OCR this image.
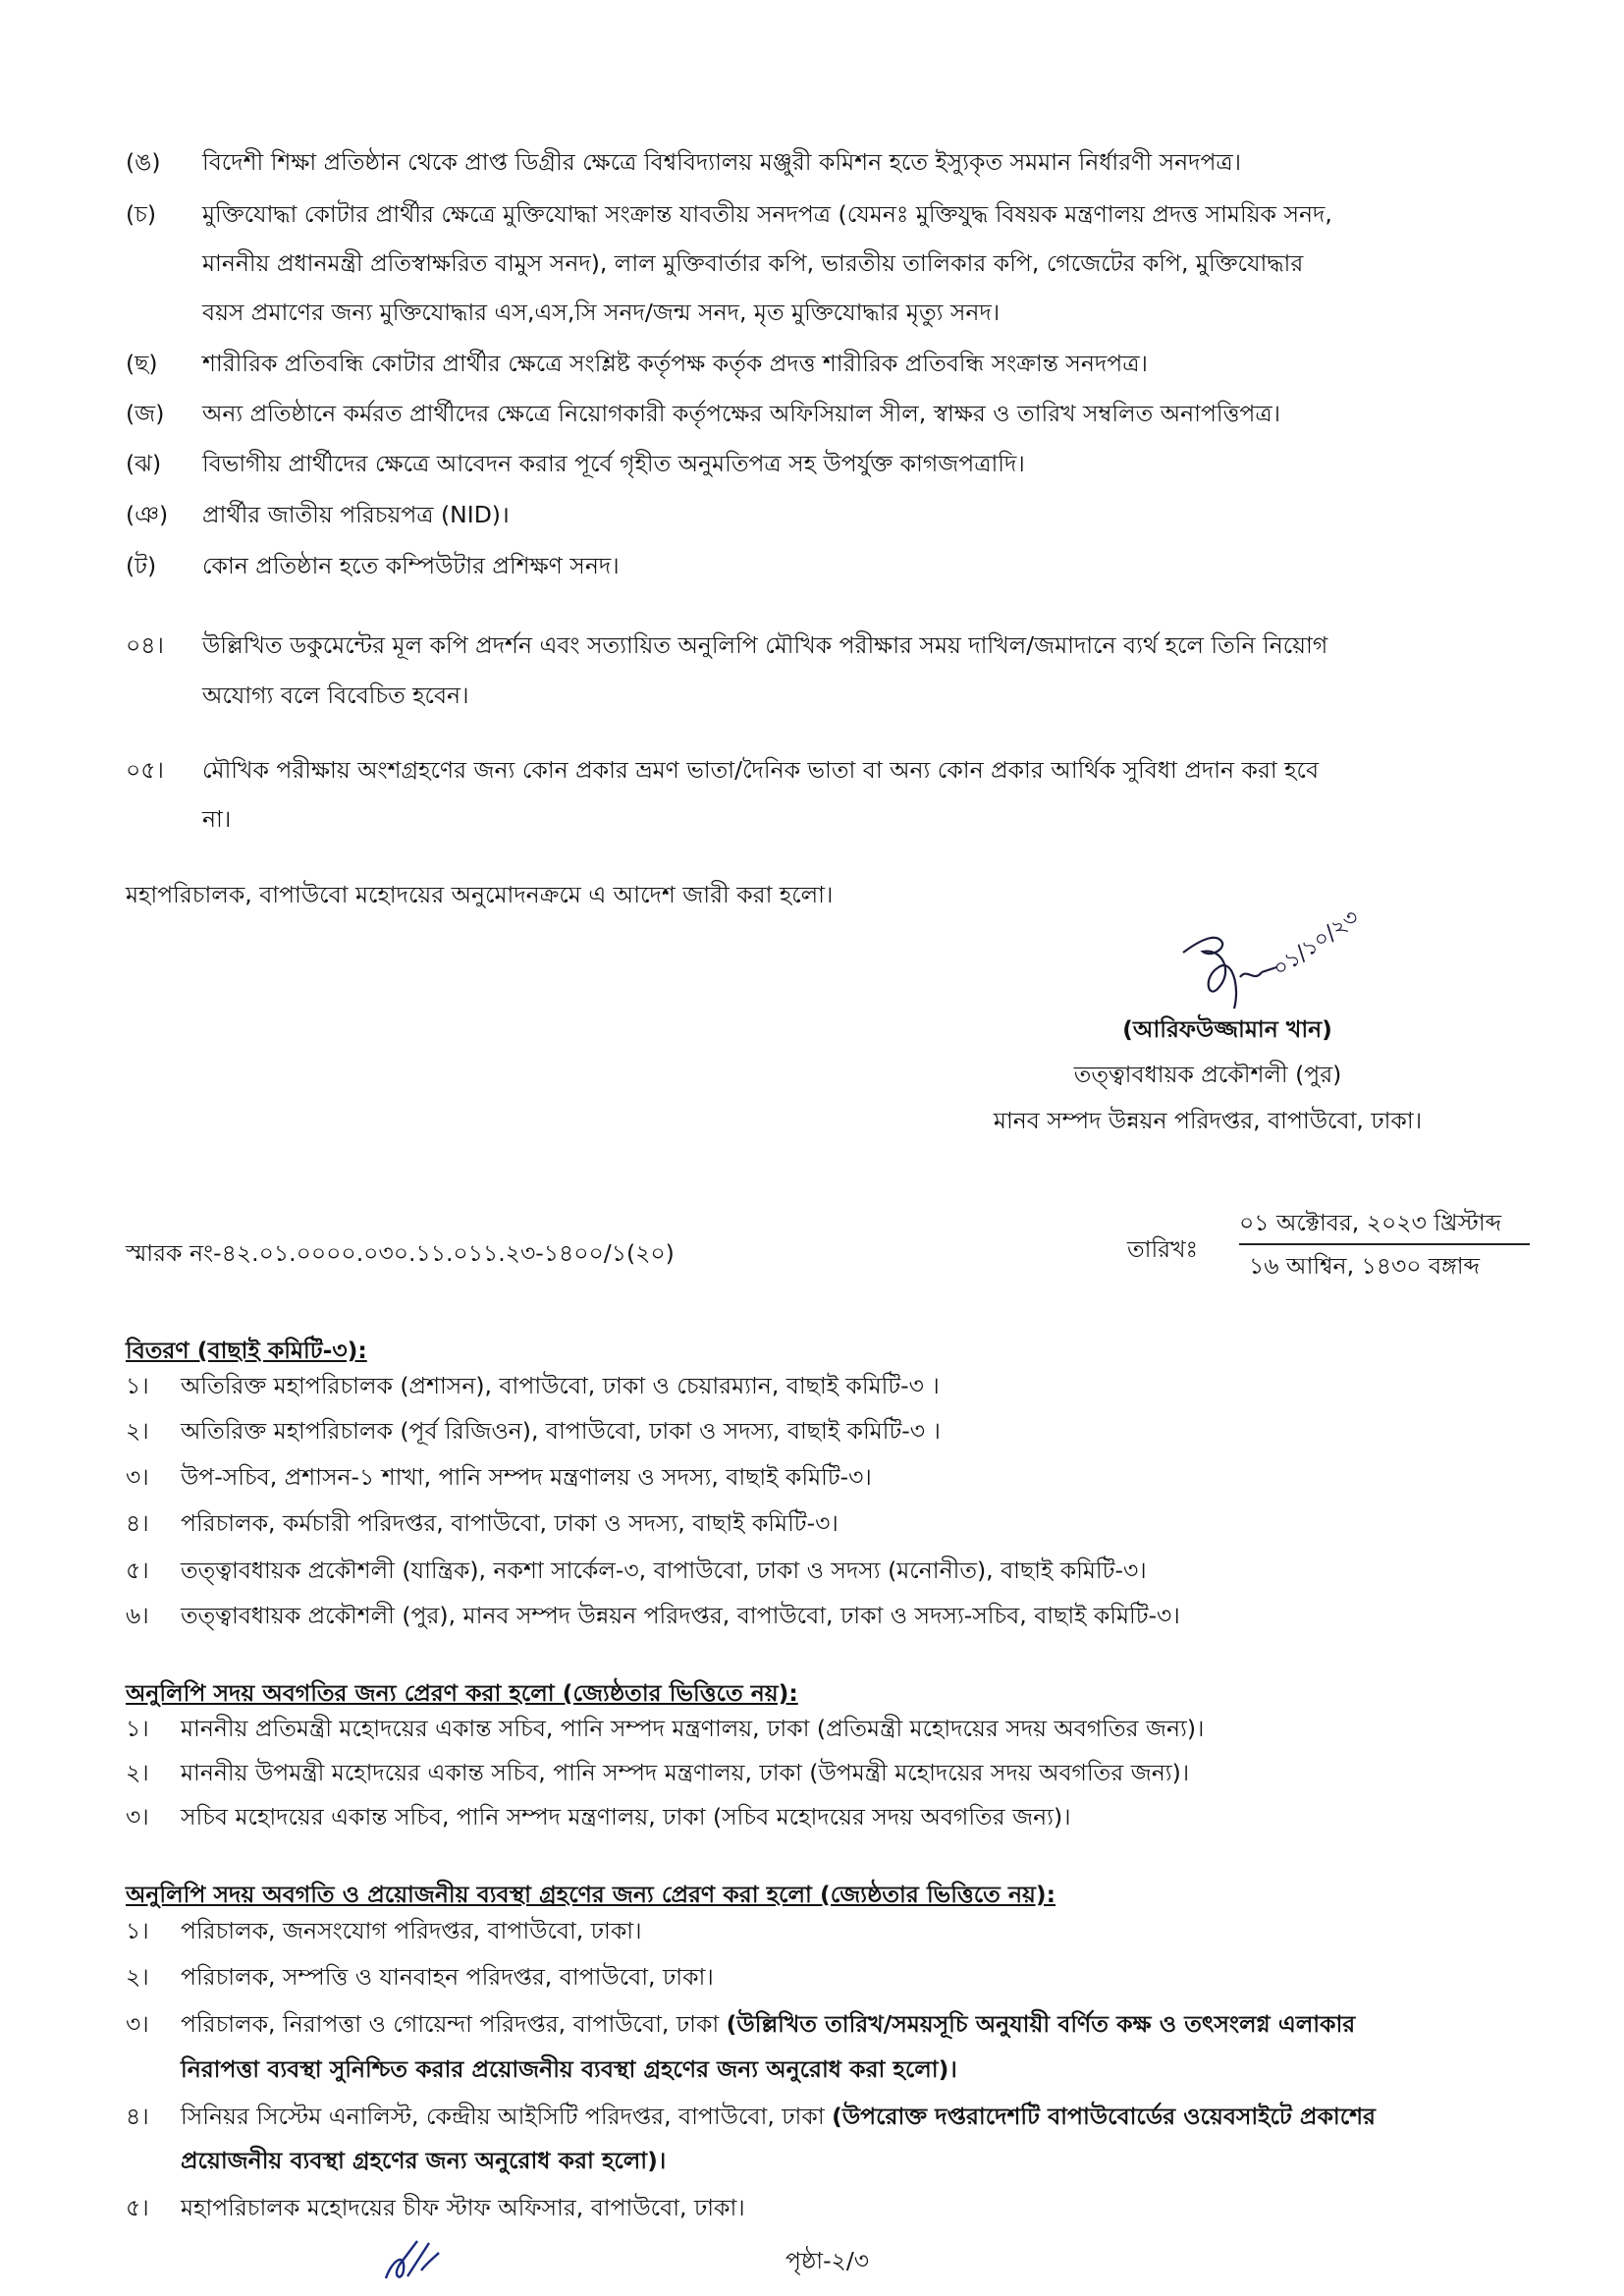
(ঙ) বিদেশী শিক্ষা প্রতিষ্ঠান থেকে প্রাপ্ত ডিগ্রীর ক্ষেত্রে বিশ্ববিদ্যালয় মঞ্জুরী কমিশন হতে ইস্যুকৃত সমমান নির্ধারণী সনদপত্র।
(চ) মুক্তিযোদ্ধা কোটার প্রার্থীর ক্ষেত্রে মুক্তিযোদ্ধা সংক্রান্ত যাবতীয় সনদপত্র (যেমনঃ মুক্তিযুদ্ধ বিষয়ক মন্ত্রণালয় প্রদত্ত সাময়িক সনদ,
মাননীয় প্রধানমন্ত্রী প্রতিস্বাক্ষরিত বামুস সনদ), লাল মুক্তিবার্তার কপি, ভারতীয় তালিকার কপি, গেজেটের কপি, মুক্তিযোদ্ধার
বয়স প্রমাণের জন্য মুক্তিযোদ্ধার এস,এস,সি সনদ/জন্ম সনদ, মৃত মুক্তিযোদ্ধার মৃত্যু সনদ।
(ছ) শারীরিক প্রতিবন্ধি কোটার প্রার্থীর ক্ষেত্রে সংশ্লিষ্ট কর্তৃপক্ষ কর্তৃক প্রদত্ত শারীরিক প্রতিবন্ধি সংক্রান্ত সনদপত্র।
(জ) অন্য প্রতিষ্ঠানে কর্মরত প্রার্থীদের ক্ষেত্রে নিয়োগকারী কর্তৃপক্ষের অফিসিয়াল সীল, স্বাক্ষর ও তারিখ সম্বলিত অনাপত্তিপত্র।
(ঝ) বিভাগীয় প্রার্থীদের ক্ষেত্রে আবেদন করার পূর্বে গৃহীত অনুমতিপত্র সহ উপর্যুক্ত কাগজপত্রাদি।
(ঞ) প্রার্থীর জাতীয় পরিচয়পত্র (NID)।
(ট) কোন প্রতিষ্ঠান হতে কম্পিউটার প্রশিক্ষণ সনদ।
০৪। উল্লিখিত ডকুমেন্টের মূল কপি প্রদর্শন এবং সত্যায়িত অনুলিপি মৌখিক পরীক্ষার সময় দাখিল/জমাদানে ব্যর্থ হলে তিনি নিয়োগ
অযোগ্য বলে বিবেচিত হবেন।
০৫। মৌখিক পরীক্ষায় অংশগ্রহণের জন্য কোন প্রকার ভ্রমণ ভাতা/দৈনিক ভাতা বা অন্য কোন প্রকার আর্থিক সুবিধা প্রদান করা হবে
না।
মহাপরিচালক, বাপাউবো মহোদয়ের অনুমোদনক্রমে এ আদেশ জারী করা হলো।
০১/১০/২৩
(আরিফউজ্জামান খান)
তত্ত্বাবধায়ক প্রকৌশলী (পুর)
মানব সম্পদ উন্নয়ন পরিদপ্তর, বাপাউবো, ঢাকা।
স্মারক নং-৪২.০১.০০০০.০৩০.১১.০১১.২৩-১৪০০/১(২০)	তারিখঃ
০১ অক্টোবর, ২০২৩ খ্রিস্টাব্দ
১৬ আশ্বিন, ১৪৩০ বঙ্গাব্দ
বিতরণ (বাছাই কমিটি-৩):
১। অতিরিক্ত মহাপরিচালক (প্রশাসন), বাপাউবো, ঢাকা ও চেয়ারম্যান, বাছাই কমিটি-৩ ।
২। অতিরিক্ত মহাপরিচালক (পূর্ব রিজিওন), বাপাউবো, ঢাকা ও সদস্য, বাছাই কমিটি-৩ ।
৩। উপ-সচিব, প্রশাসন-১ শাখা, পানি সম্পদ মন্ত্রণালয় ও সদস্য, বাছাই কমিটি-৩।
৪। পরিচালক, কর্মচারী পরিদপ্তর, বাপাউবো, ঢাকা ও সদস্য, বাছাই কমিটি-৩।
৫। তত্ত্বাবধায়ক প্রকৌশলী (যান্ত্রিক), নকশা সার্কেল-৩, বাপাউবো, ঢাকা ও সদস্য (মনোনীত), বাছাই কমিটি-৩।
৬। তত্ত্বাবধায়ক প্রকৌশলী (পুর), মানব সম্পদ উন্নয়ন পরিদপ্তর, বাপাউবো, ঢাকা ও সদস্য-সচিব, বাছাই কমিটি-৩।
অনুলিপি সদয় অবগতির জন্য প্রেরণ করা হলো (জ্যেষ্ঠতার ভিত্তিতে নয়):
১। মাননীয় প্রতিমন্ত্রী মহোদয়ের একান্ত সচিব, পানি সম্পদ মন্ত্রণালয়, ঢাকা (প্রতিমন্ত্রী মহোদয়ের সদয় অবগতির জন্য)।
২। মাননীয় উপমন্ত্রী মহোদয়ের একান্ত সচিব, পানি সম্পদ মন্ত্রণালয়, ঢাকা (উপমন্ত্রী মহোদয়ের সদয় অবগতির জন্য)।
৩। সচিব মহোদয়ের একান্ত সচিব, পানি সম্পদ মন্ত্রণালয়, ঢাকা (সচিব মহোদয়ের সদয় অবগতির জন্য)।
অনুলিপি সদয় অবগতি ও প্রয়োজনীয় ব্যবস্থা গ্রহণের জন্য প্রেরণ করা হলো (জ্যেষ্ঠতার ভিত্তিতে নয়):
১। পরিচালক, জনসংযোগ পরিদপ্তর, বাপাউবো, ঢাকা।
২। পরিচালক, সম্পত্তি ও যানবাহন পরিদপ্তর, বাপাউবো, ঢাকা।
৩। পরিচালক, নিরাপত্তা ও গোয়েন্দা পরিদপ্তর, বাপাউবো, ঢাকা (উল্লিখিত তারিখ/সময়সূচি অনুযায়ী বর্ণিত কক্ষ ও তৎসংলগ্ন এলাকার
নিরাপত্তা ব্যবস্থা সুনিশ্চিত করার প্রয়োজনীয় ব্যবস্থা গ্রহণের জন্য অনুরোধ করা হলো)।
৪। সিনিয়র সিস্টেম এনালিস্ট, কেন্দ্রীয় আইসিটি পরিদপ্তর, বাপাউবো, ঢাকা (উপরোক্ত দপ্তরাদেশটি বাপাউবোর্ডের ওয়েবসাইটে প্রকাশের
প্রয়োজনীয় ব্যবস্থা গ্রহণের জন্য অনুরোধ করা হলো)।
৫। মহাপরিচালক মহোদয়ের চীফ স্টাফ অফিসার, বাপাউবো, ঢাকা।
পৃষ্ঠা-২/৩
